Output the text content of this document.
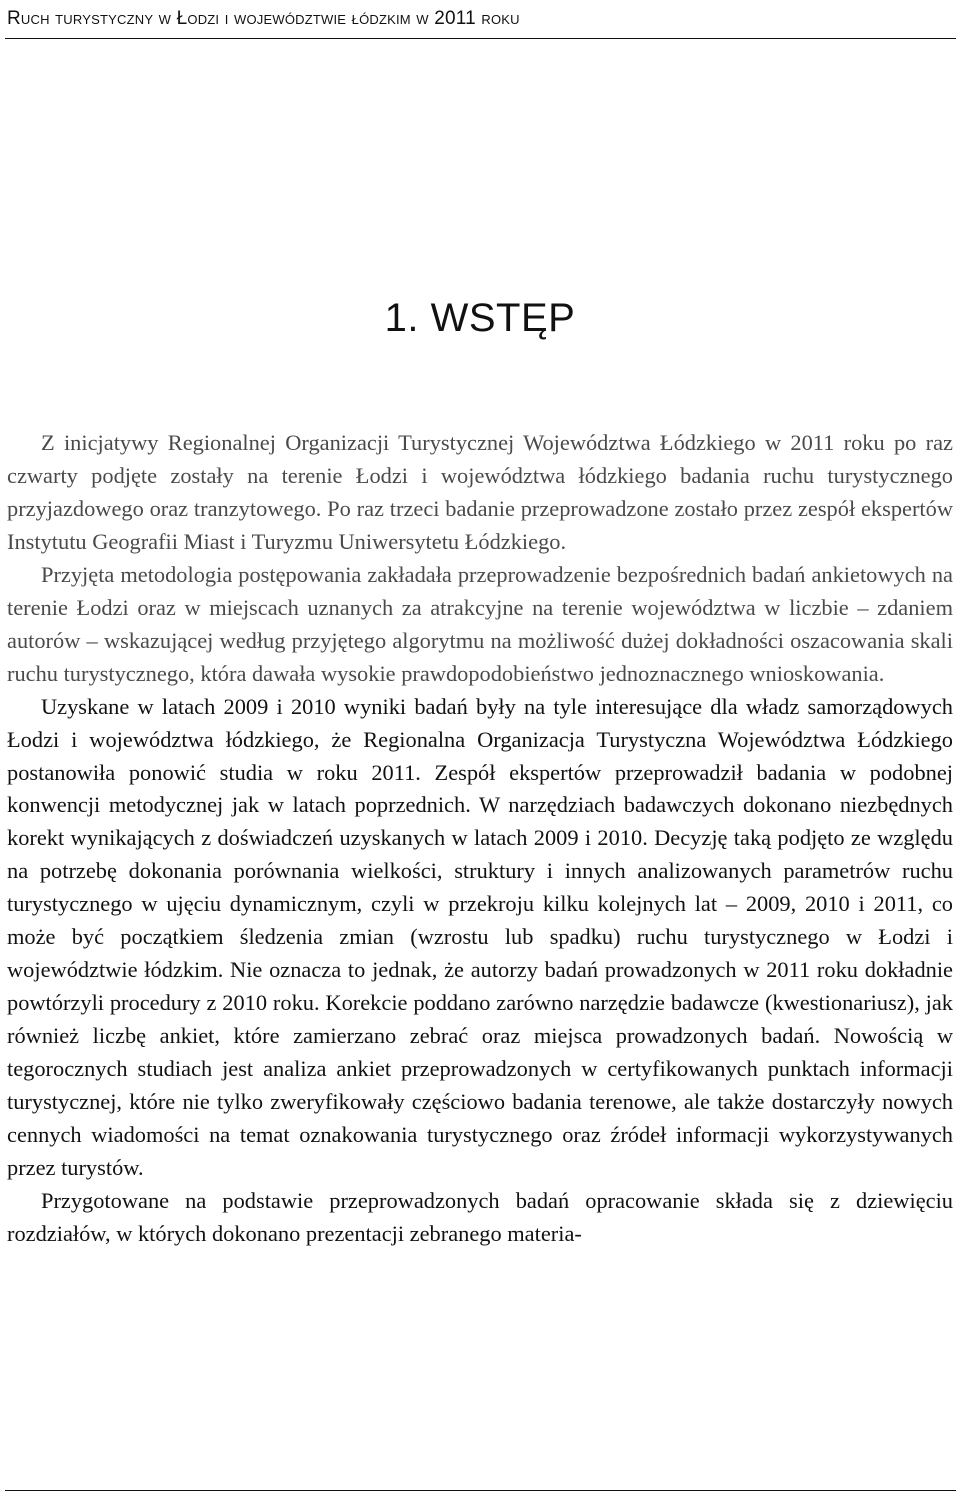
Ruch turystyczny w Łodzi i województwie łódzkim w 2011 roku
1. WSTĘP

Z inicjatywy Regionalnej Organizacji Turystycznej Województwa Łódzkiego w 2011 roku po raz czwarty podjęte zostały na terenie Łodzi i województwa łódzkiego badania ruchu turystycznego przyjazdowego oraz tranzytowego. Po raz trzeci badanie przeprowadzone zostało przez zespół ekspertów Instytutu Geografii Miast i Turyzmu Uniwersytetu Łódzkiego.

Przyjęta metodologia postępowania zakładała przeprowadzenie bezpośrednich badań ankietowych na terenie Łodzi oraz w miejscach uznanych za atrakcyjne na terenie województwa w liczbie – zdaniem autorów – wskazującej według przyjętego algorytmu na możliwość dużej dokładności oszacowania skali ruchu turystycznego, która dawała wysokie prawdopodobieństwo jednoznacznego wnioskowania.

Uzyskane w latach 2009 i 2010 wyniki badań były na tyle interesujące dla władz samorządowych Łodzi i województwa łódzkiego, że Regionalna Organizacja Turystyczna Województwa Łódzkiego postanowiła ponowić studia w roku 2011. Zespół ekspertów przeprowadził badania w podobnej konwencji metodycznej jak w latach poprzednich. W narzędziach badawczych dokonano niezbędnych korekt wynikających z doświadczeń uzyskanych w latach 2009 i 2010. Decyzję taką podjęto ze względu na potrzebę dokonania porównania wielkości, struktury i innych analizowanych parametrów ruchu turystycznego w ujęciu dynamicznym, czyli w przekroju kilku kolejnych lat – 2009, 2010 i 2011, co może być początkiem śledzenia zmian (wzrostu lub spadku) ruchu turystycznego w Łodzi i województwie łódzkim. Nie oznacza to jednak, że autorzy badań prowadzonych w 2011 roku dokładnie powtórzyli procedury z 2010 roku. Korekcie poddano zarówno narzędzie badawcze (kwestionariusz), jak również liczbę ankiet, które zamierzano zebrać oraz miejsca prowadzonych badań. Nowością w tegorocznych studiach jest analiza ankiet przeprowadzonych w certyfikowanych punktach informacji turystycznej, które nie tylko zweryfikowały częściowo badania terenowe, ale także dostarczyły nowych cennych wiadomości na temat oznakowania turystycznego oraz źródeł informacji wykorzystywanych przez turystów.

Przygotowane na podstawie przeprowadzonych badań opracowanie składa się z dziewięciu rozdziałów, w których dokonano prezentacji zebranego materia-
